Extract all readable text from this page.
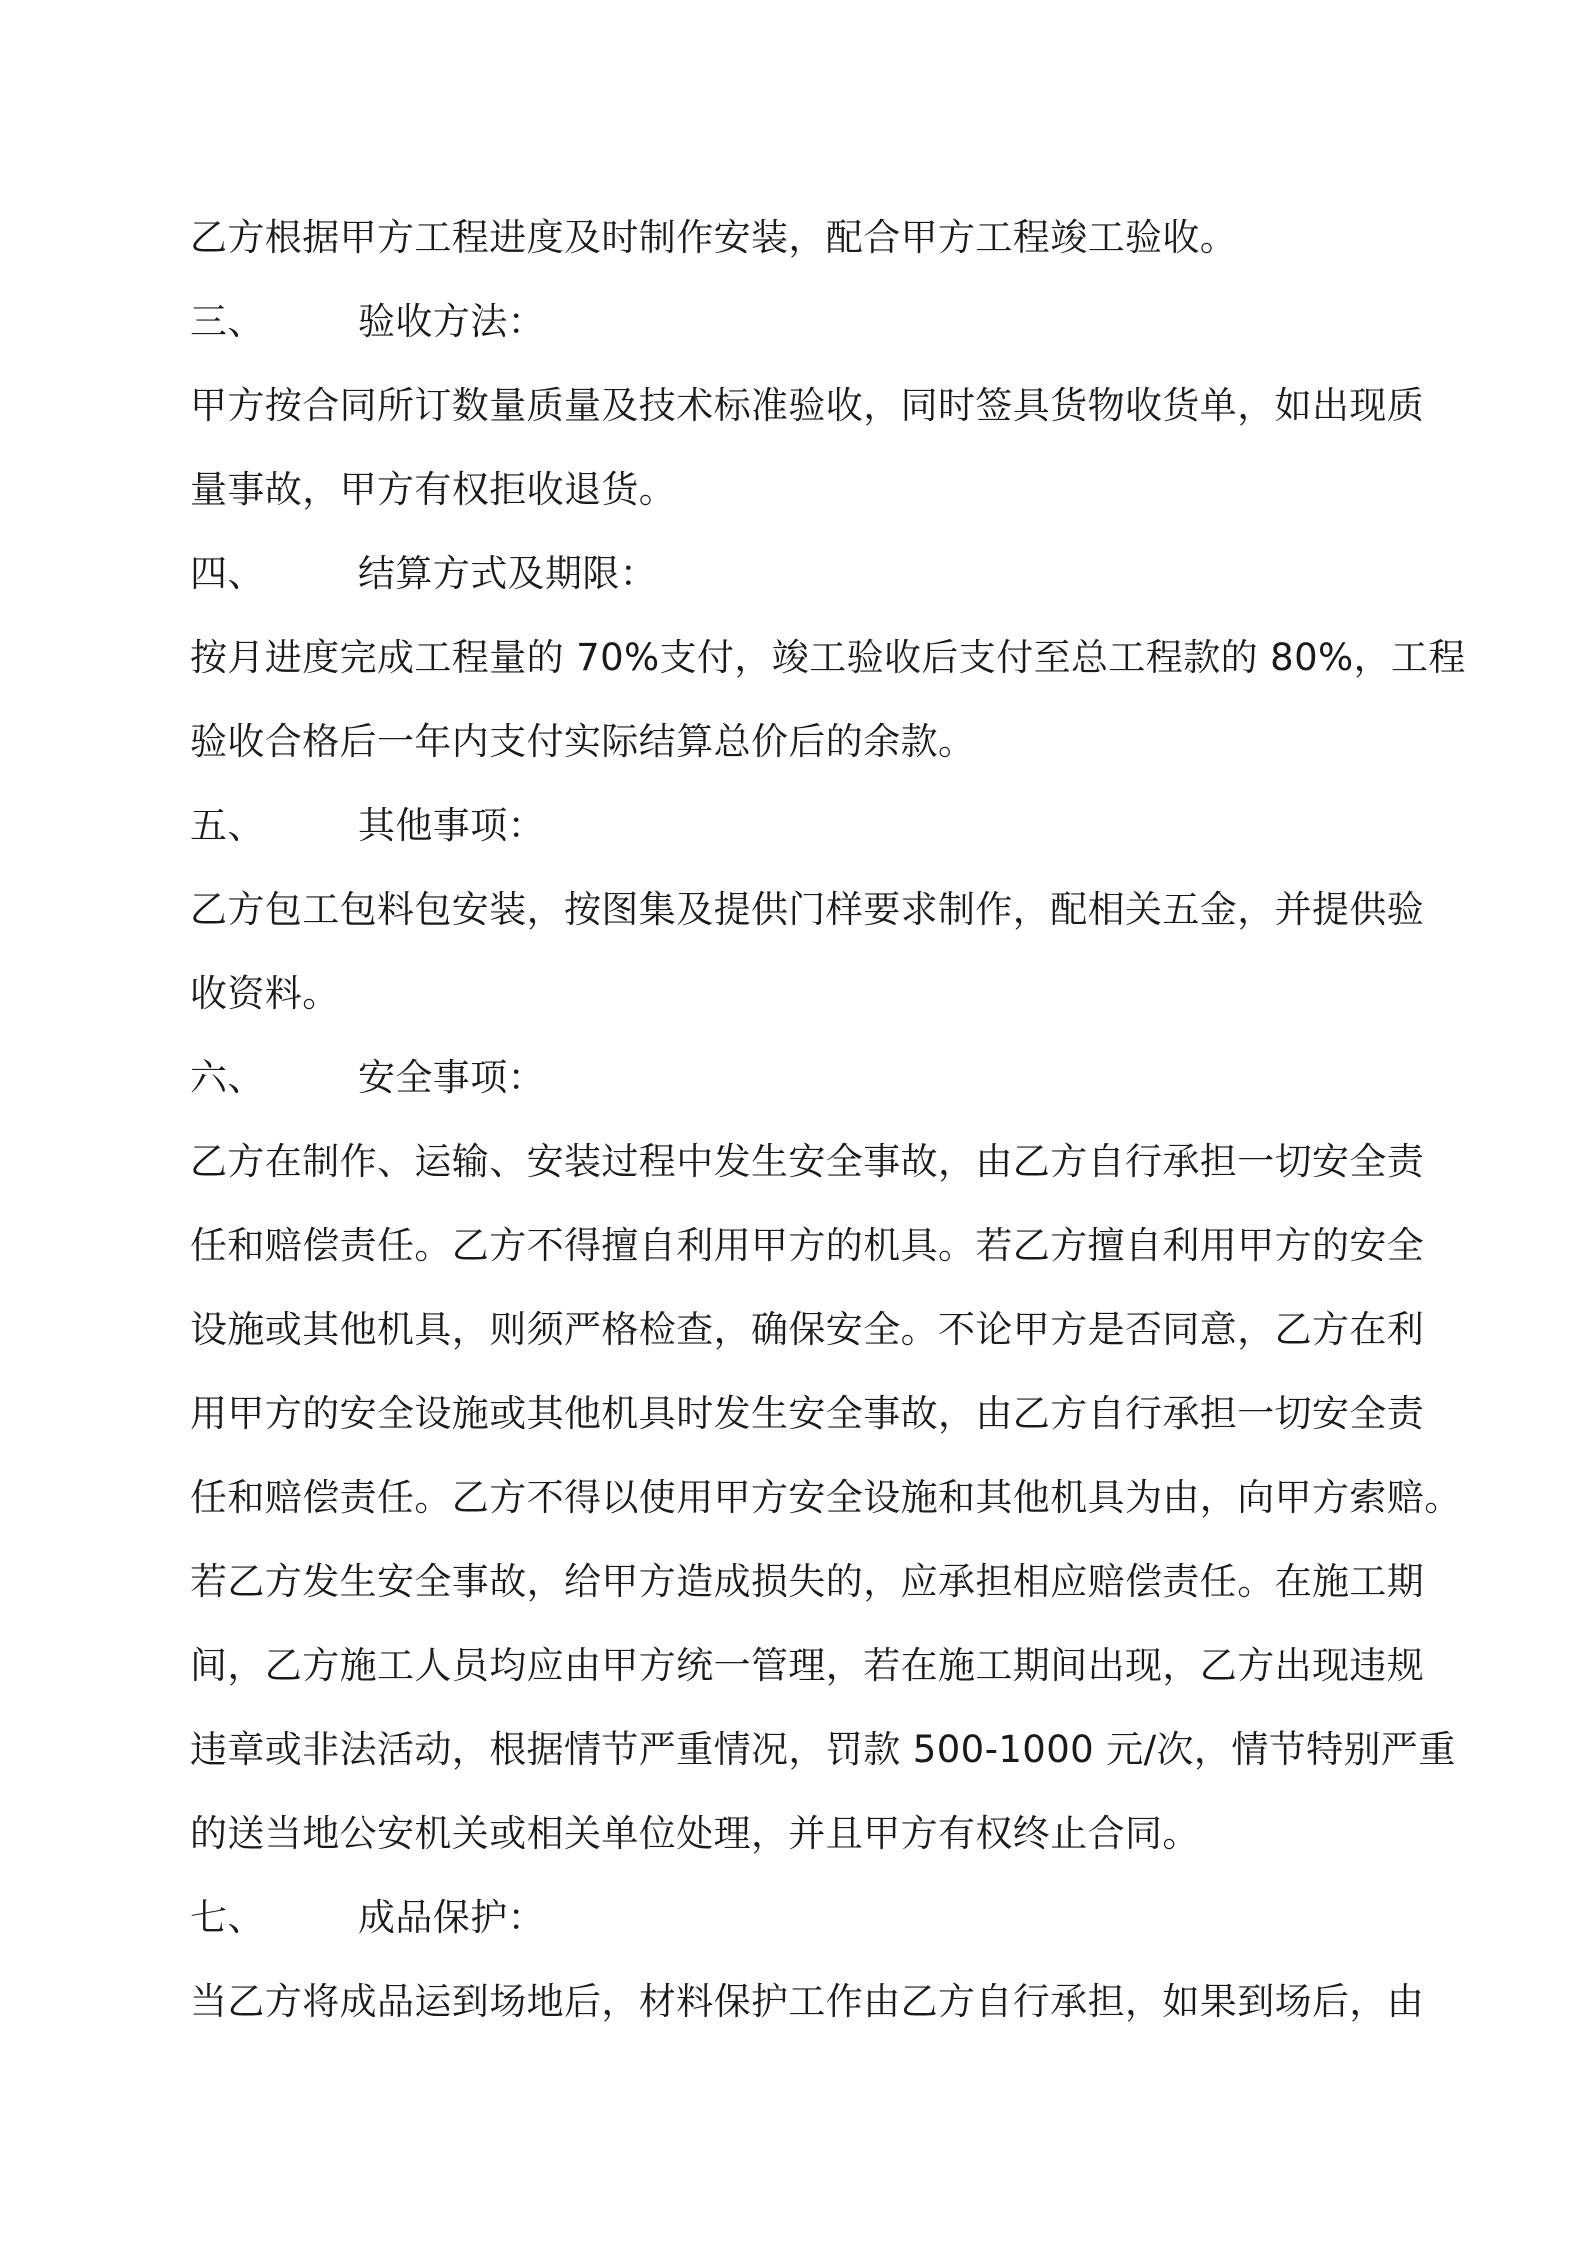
乙方根据甲方工程进度及时制作安装，配合甲方工程竣工验收。
三、	验收方法：
甲方按合同所订数量质量及技术标准验收，同时签具货物收货单，如出现质
量事故，甲方有权拒收退货。
四、	结算方式及期限：
按月进度完成工程量的 70%支付，竣工验收后支付至总工程款的 80%，工程
验收合格后一年内支付实际结算总价后的余款。
五、	其他事项：
乙方包工包料包安装，按图集及提供门样要求制作，配相关五金，并提供验
收资料。
六、	安全事项：
乙方在制作、运输、安装过程中发生安全事故，由乙方自行承担一切安全责
任和赔偿责任。乙方不得擅自利用甲方的机具。若乙方擅自利用甲方的安全
设施或其他机具，则须严格检查，确保安全。不论甲方是否同意，乙方在利
用甲方的安全设施或其他机具时发生安全事故，由乙方自行承担一切安全责
任和赔偿责任。乙方不得以使用甲方安全设施和其他机具为由，向甲方索赔。
若乙方发生安全事故，给甲方造成损失的，应承担相应赔偿责任。在施工期
间，乙方施工人员均应由甲方统一管理，若在施工期间出现，乙方出现违规
违章或非法活动，根据情节严重情况，罚款 500-1000 元/次，情节特别严重
的送当地公安机关或相关单位处理，并且甲方有权终止合同。
七、	成品保护：
当乙方将成品运到场地后，材料保护工作由乙方自行承担，如果到场后，由
